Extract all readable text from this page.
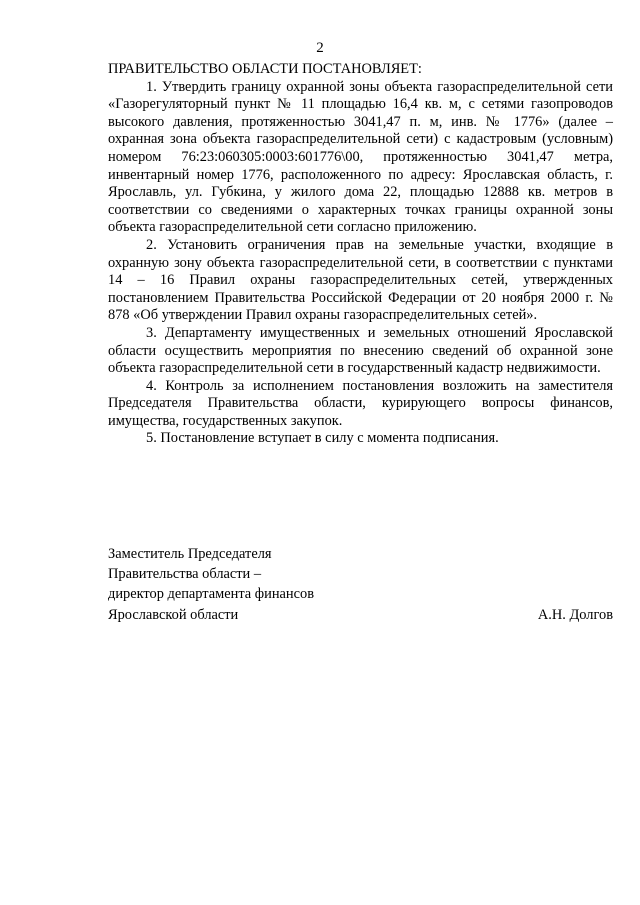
2

ПРАВИТЕЛЬСТВО ОБЛАСТИ ПОСТАНОВЛЯЕТ:

1. Утвердить границу охранной зоны объекта газораспределительной сети «Газорегуляторный пункт № 11 площадью 16,4 кв. м, с сетями газопроводов высокого давления, протяженностью 3041,47 п. м, инв. № 1776» (далее – охранная зона объекта газораспределительной сети) с кадастровым (условным) номером 76:23:060305:0003:601776\00, протяженностью 3041,47 метра, инвентарный номер 1776, расположенного по адресу: Ярославская область, г. Ярославль, ул. Губкина, у жилого дома 22, площадью 12888 кв. метров в соответствии со сведениями о характерных точках границы охранной зоны объекта газораспределительной сети согласно приложению.

2. Установить ограничения прав на земельные участки, входящие в охранную зону объекта газораспределительной сети, в соответствии с пунктами 14 – 16 Правил охраны газораспределительных сетей, утвержденных постановлением Правительства Российской Федерации от 20 ноября 2000 г. № 878 «Об утверждении Правил охраны газораспределительных сетей».

3. Департаменту имущественных и земельных отношений Ярославской области осуществить мероприятия по внесению сведений об охранной зоне объекта газораспределительной сети в государственный кадастр недвижимости.

4. Контроль за исполнением постановления возложить на заместителя Председателя Правительства области, курирующего вопросы финансов, имущества, государственных закупок.

5. Постановление вступает в силу с момента подписания.

Заместитель Председателя

Правительства области –

директор департамента финансов

Ярославской области	А.Н. Долгов
